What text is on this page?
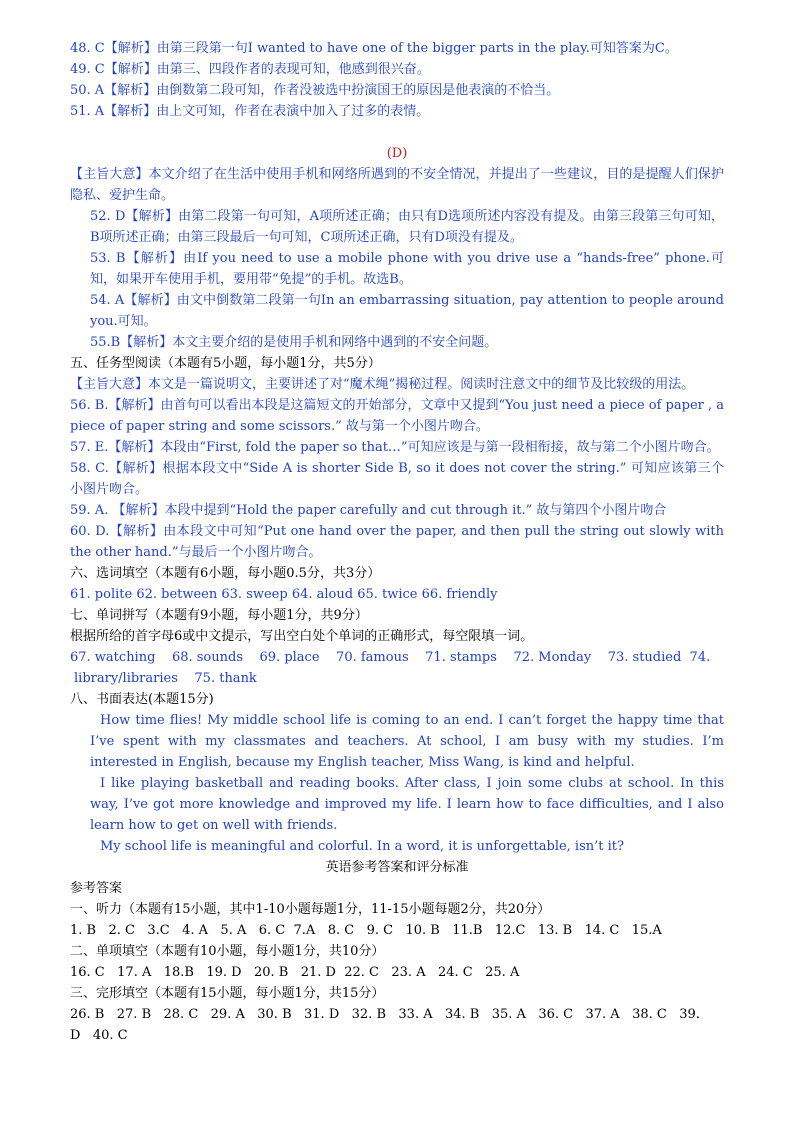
48. C【解析】由第三段第一句I wanted to have one of the bigger parts in the play.可知答案为C。
49. C【解析】由第三、四段作者的表现可知，他感到很兴奋。
50. A【解析】由倒数第二段可知，作者没被选中扮演国王的原因是他表演的不恰当。
51. A【解析】由上文可知，作者在表演中加入了过多的表情。
(D)
【主旨大意】本文介绍了在生活中使用手机和网络所遇到的不安全情况，并提出了一些建议，目的是提醒人们保护隐私、爱护生命。
52. D【解析】由第二段第一句可知，A项所述正确；由只有D选项所述内容没有提及。由第三段第三句可知，B项所述正确；由第三段最后一句可知，C项所述正确，只有D项没有提及。
53. B【解析】由If you need to use a mobile phone with you drive use a “hands-free” phone.可知，如果开车使用手机，要用带“免提”的手机。故选B。
54. A【解析】由文中倒数第二段第一句In an embarrassing situation, pay attention to people around you.可知。
55.B【解析】本文主要介绍的是使用手机和网络中遇到的不安全问题。
五、任务型阅读（本题有5小题，每小题1分，共5分）
【主旨大意】本文是一篇说明文，主要讲述了对“魔术绳”揭秘过程。阅读时注意文中的细节及比较级的用法。
56. B.【解析】由首句可以看出本段是这篇短文的开始部分，文章中又提到“You just need a piece of paper , a piece of paper string and some scissors.” 故与第一个小图片吻合。
57. E.【解析】本段由“First, fold the paper so that…”可知应该是与第一段相衔接，故与第二个小图片吻合。
58. C.【解析】根据本段文中“Side A is shorter Side B, so it does not cover the string.” 可知应该第三个小图片吻合。
59. A. 【解析】本段中提到“Hold the paper carefully and cut through it.” 故与第四个小图片吻合
60. D.【解析】由本段文中可知“Put one hand over the paper, and then pull the string out slowly with the other hand.”与最后一个小图片吻合。
六、选词填空（本题有6小题，每小题0.5分，共3分）
61. polite 62. between 63. sweep 64. aloud 65. twice 66. friendly
七、单词拼写（本题有9小题，每小题1分，共9分）
根据所给的首字母6或中文提示，写出空白处个单词的正确形式，每空限填一词。
67. watching    68. sounds    69. place    70. famous    71. stamps    72. Monday    73. studied  74.
library/libraries    75. thank
八、书面表达(本题15分)
How time flies! My middle school life is coming to an end. I can’t forget the happy time that I’ve spent with my classmates and teachers. At school, I am busy with my studies. I’m interested in English, because my English teacher, Miss Wang, is kind and helpful.
I like playing basketball and reading books. After class, I join some clubs at school. In this way, I’ve got more knowledge and improved my life. I learn how to face difficulties, and I also learn how to get on well with friends.
My school life is meaningful and colorful. In a word, it is unforgettable, isn’t it?
英语参考答案和评分标准
参考答案
一、听力（本题有15小题，其中1-10小题每题1分，11-15小题每题2分，共20分）
1. B   2. C   3.C   4. A   5. A   6. C  7.A   8. C   9. C   10. B   11.B   12.C   13. B   14. C   15.A
二、单项填空（本题有10小题，每小题1分，共10分）
16. C   17. A   18.B   19. D   20. B   21. D  22. C   23. A   24. C   25. A
三、完形填空（本题有15小题，每小题1分，共15分）
26. B   27. B   28. C   29. A   30. B   31. D   32. B   33. A   34. B   35. A   36. C   37. A   38. C   39.
D   40. C
